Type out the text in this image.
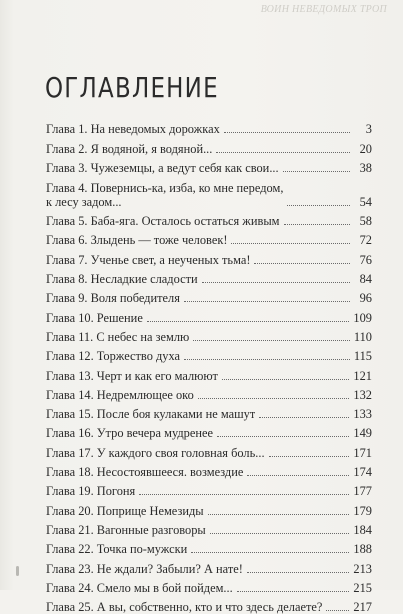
ВОИН НЕВЕДОМЫХ ТРОП
ОГЛАВЛЕНИЕ
Глава 1. На неведомых дорожках	3
Глава 2. Я водяной, я водяной...	20
Глава 3. Чужеземцы, а ведут себя как свои...	38
Глава 4. Повернись-ка, изба, ко мне передом,
к лесу задом...	54
Глава 5. Баба-яга. Осталось остаться живым	58
Глава 6. Злыдень — тоже человек!	72
Глава 7. Ученье свет, а неученых тьма!	76
Глава 8. Несладкие сладости	84
Глава 9. Воля победителя	96
Глава 10. Решение	109
Глава 11. С небес на землю	110
Глава 12. Торжество духа	115
Глава 13. Черт и как его малюют	121
Глава 14. Недремлющее око	132
Глава 15. После боя кулаками не машут	133
Глава 16. Утро вечера мудренее	149
Глава 17. У каждого своя головная боль...	171
Глава 18. Несостоявшееся. возмездие	174
Глава 19. Погоня	177
Глава 20. Поприще Немезиды	179
Глава 21. Вагонные разговоры	184
Глава 22. Точка по-мужски	188
Глава 23. Не ждали? Забыли? А нате!	213
Глава 24. Смело мы в бой пойдем...	215
Глава 25. А вы, собственно, кто и что здесь делаете?	217
